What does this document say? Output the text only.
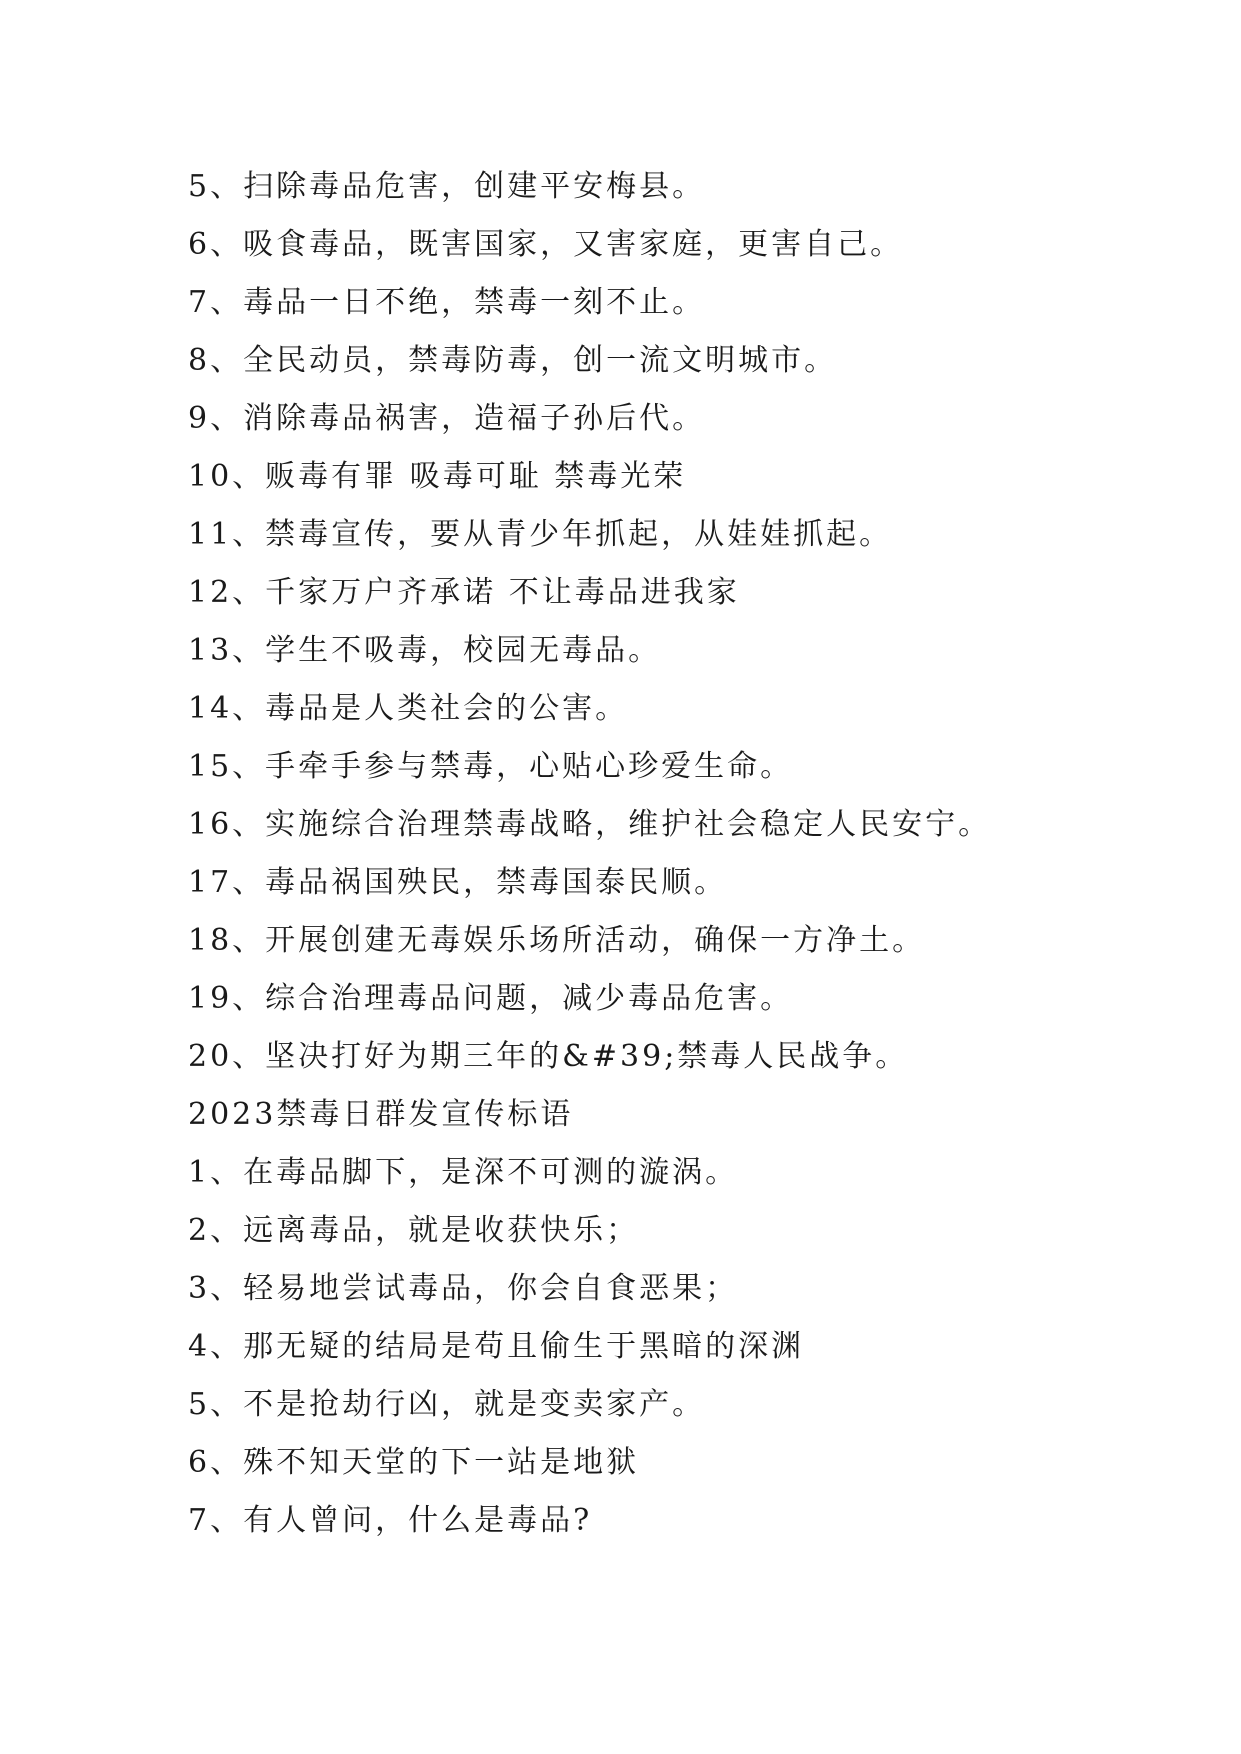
5、扫除毒品危害，创建平安梅县。
6、吸食毒品，既害国家，又害家庭，更害自己。
7、毒品一日不绝，禁毒一刻不止。
8、全民动员，禁毒防毒，创一流文明城市。
9、消除毒品祸害，造福子孙后代。
10、贩毒有罪 吸毒可耻 禁毒光荣
11、禁毒宣传，要从青少年抓起，从娃娃抓起。
12、千家万户齐承诺 不让毒品进我家
13、学生不吸毒，校园无毒品。
14、毒品是人类社会的公害。
15、手牵手参与禁毒，心贴心珍爱生命。
16、实施综合治理禁毒战略，维护社会稳定人民安宁。
17、毒品祸国殃民，禁毒国泰民顺。
18、开展创建无毒娱乐场所活动，确保一方净土。
19、综合治理毒品问题，减少毒品危害。
20、坚决打好为期三年的&#39;禁毒人民战争。
2023禁毒日群发宣传标语
1、在毒品脚下，是深不可测的漩涡。
2、远离毒品，就是收获快乐；
3、轻易地尝试毒品，你会自食恶果；
4、那无疑的结局是苟且偷生于黑暗的深渊
5、不是抢劫行凶，就是变卖家产。
6、殊不知天堂的下一站是地狱
7、有人曾问，什么是毒品?
